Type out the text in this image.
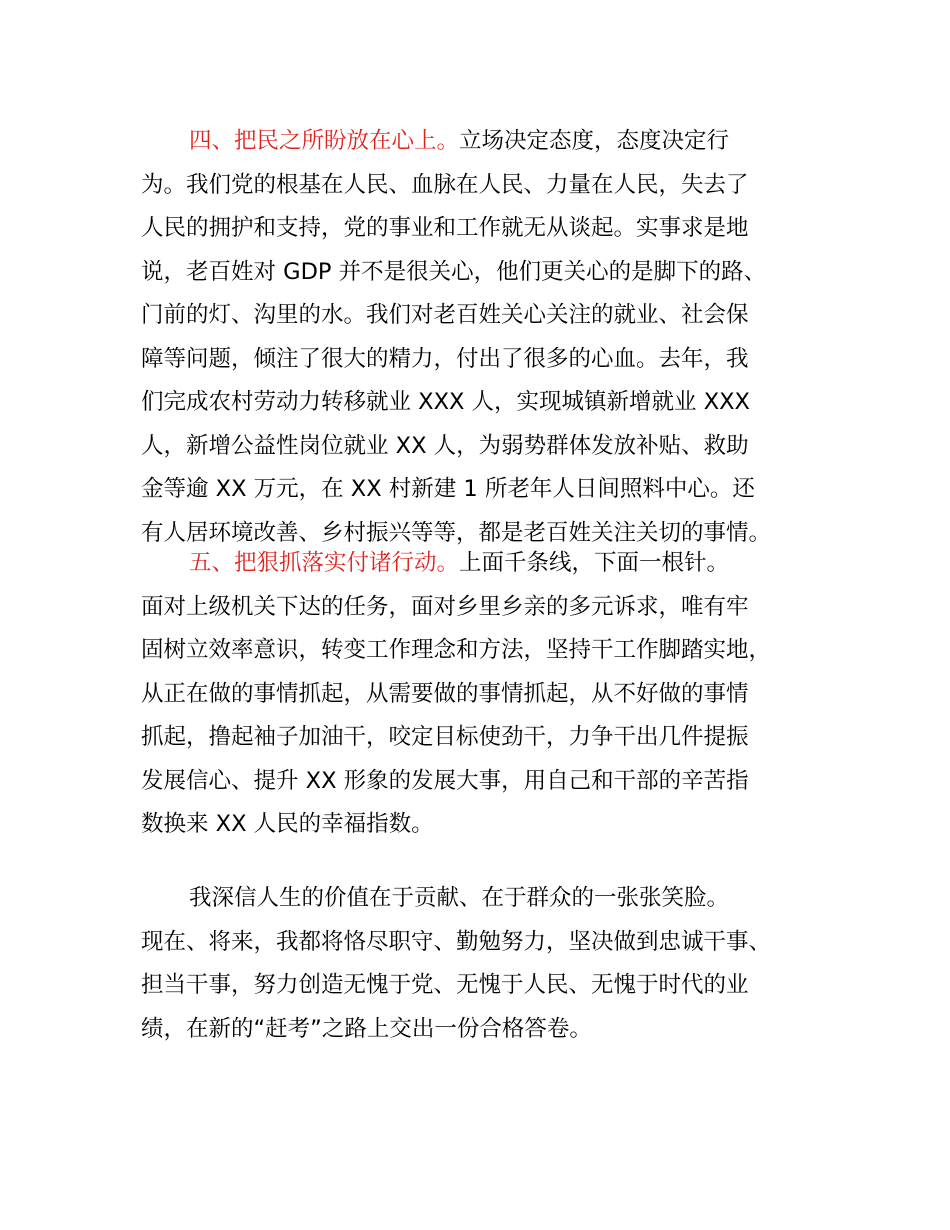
四、把民之所盼放在心上。立场决定态度，态度决定行
为。我们党的根基在人民、血脉在人民、力量在人民，失去了
人民的拥护和支持，党的事业和工作就无从谈起。实事求是地
说，老百姓对 GDP 并不是很关心，他们更关心的是脚下的路、
门前的灯、沟里的水。我们对老百姓关心关注的就业、社会保
障等问题，倾注了很大的精力，付出了很多的心血。去年，我
们完成农村劳动力转移就业 XXX 人，实现城镇新增就业 XXX
人，新增公益性岗位就业 XX 人，为弱势群体发放补贴、救助
金等逾 XX 万元，在 XX 村新建 1 所老年人日间照料中心。还
有人居环境改善、乡村振兴等等，都是老百姓关注关切的事情。
五、把狠抓落实付诸行动。上面千条线，下面一根针。
面对上级机关下达的任务，面对乡里乡亲的多元诉求，唯有牢
固树立效率意识，转变工作理念和方法，坚持干工作脚踏实地，
从正在做的事情抓起，从需要做的事情抓起，从不好做的事情
抓起，撸起袖子加油干，咬定目标使劲干，力争干出几件提振
发展信心、提升 XX 形象的发展大事，用自己和干部的辛苦指
数换来 XX 人民的幸福指数。
我深信人生的价值在于贡献、在于群众的一张张笑脸。
现在、将来，我都将恪尽职守、勤勉努力，坚决做到忠诚干事、
担当干事，努力创造无愧于党、无愧于人民、无愧于时代的业
绩，在新的“赶考”之路上交出一份合格答卷。
